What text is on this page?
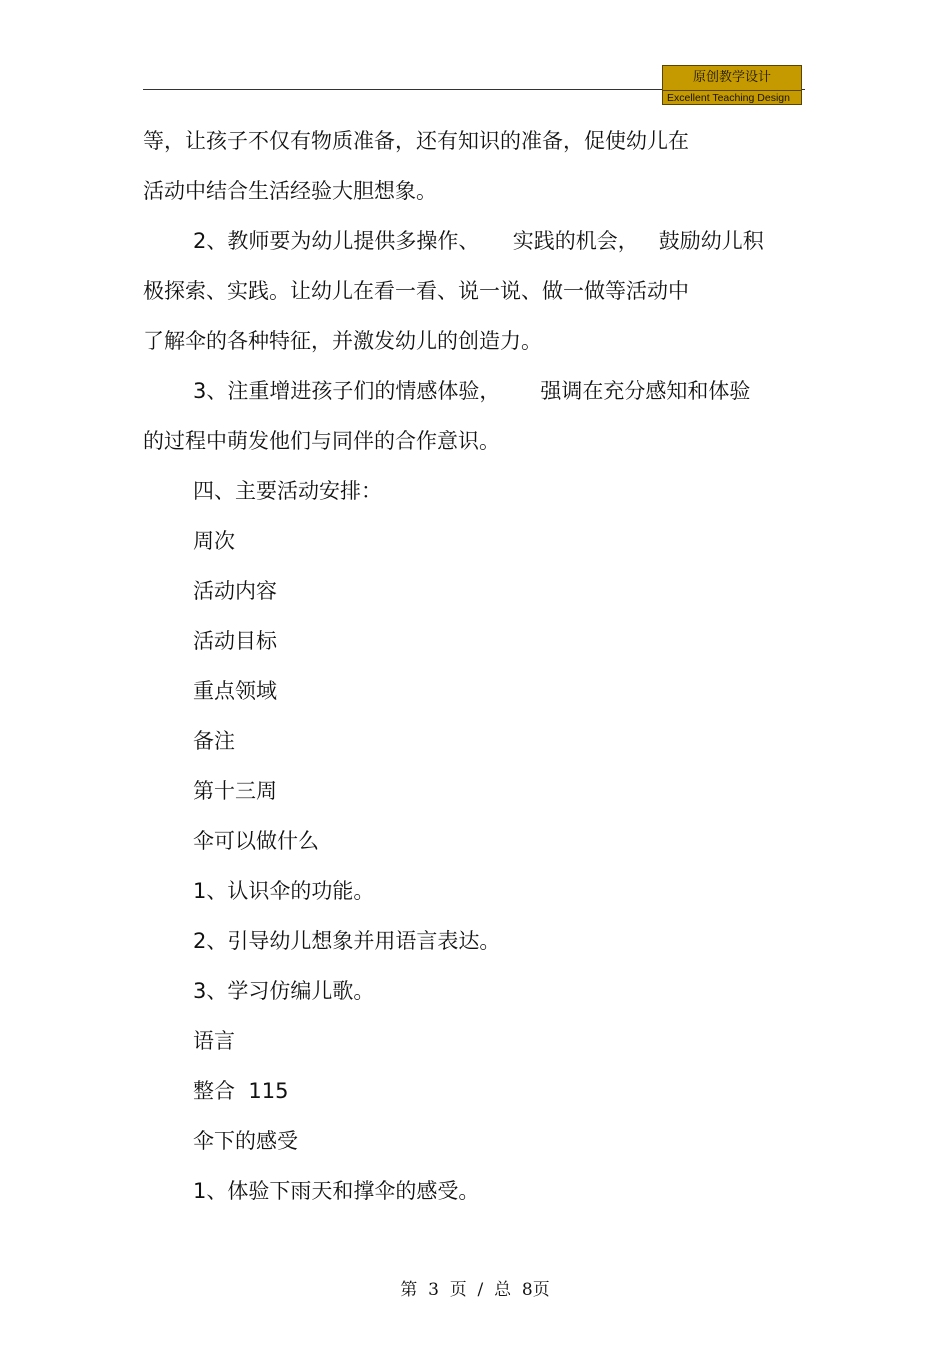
原创教学设计
Excellent Teaching Design
等，让孩子不仅有物质准备，还有知识的准备，促使幼儿在
活动中结合生活经验大胆想象。
2、教师要为幼儿提供多操作、     实践的机会，   鼓励幼儿积
极探索、实践。让幼儿在看一看、说一说、做一做等活动中
了解伞的各种特征，并激发幼儿的创造力。
3、注重增进孩子们的情感体验，      强调在充分感知和体验
的过程中萌发他们与同伴的合作意识。
四、主要活动安排：
周次
活动内容
活动目标
重点领域
备注
第十三周
伞可以做什么
1、认识伞的功能。
2、引导幼儿想象并用语言表达。
3、学习仿编儿歌。
语言
整合  115
伞下的感受
1、体验下雨天和撑伞的感受。
第  3  页  /  总  8页
